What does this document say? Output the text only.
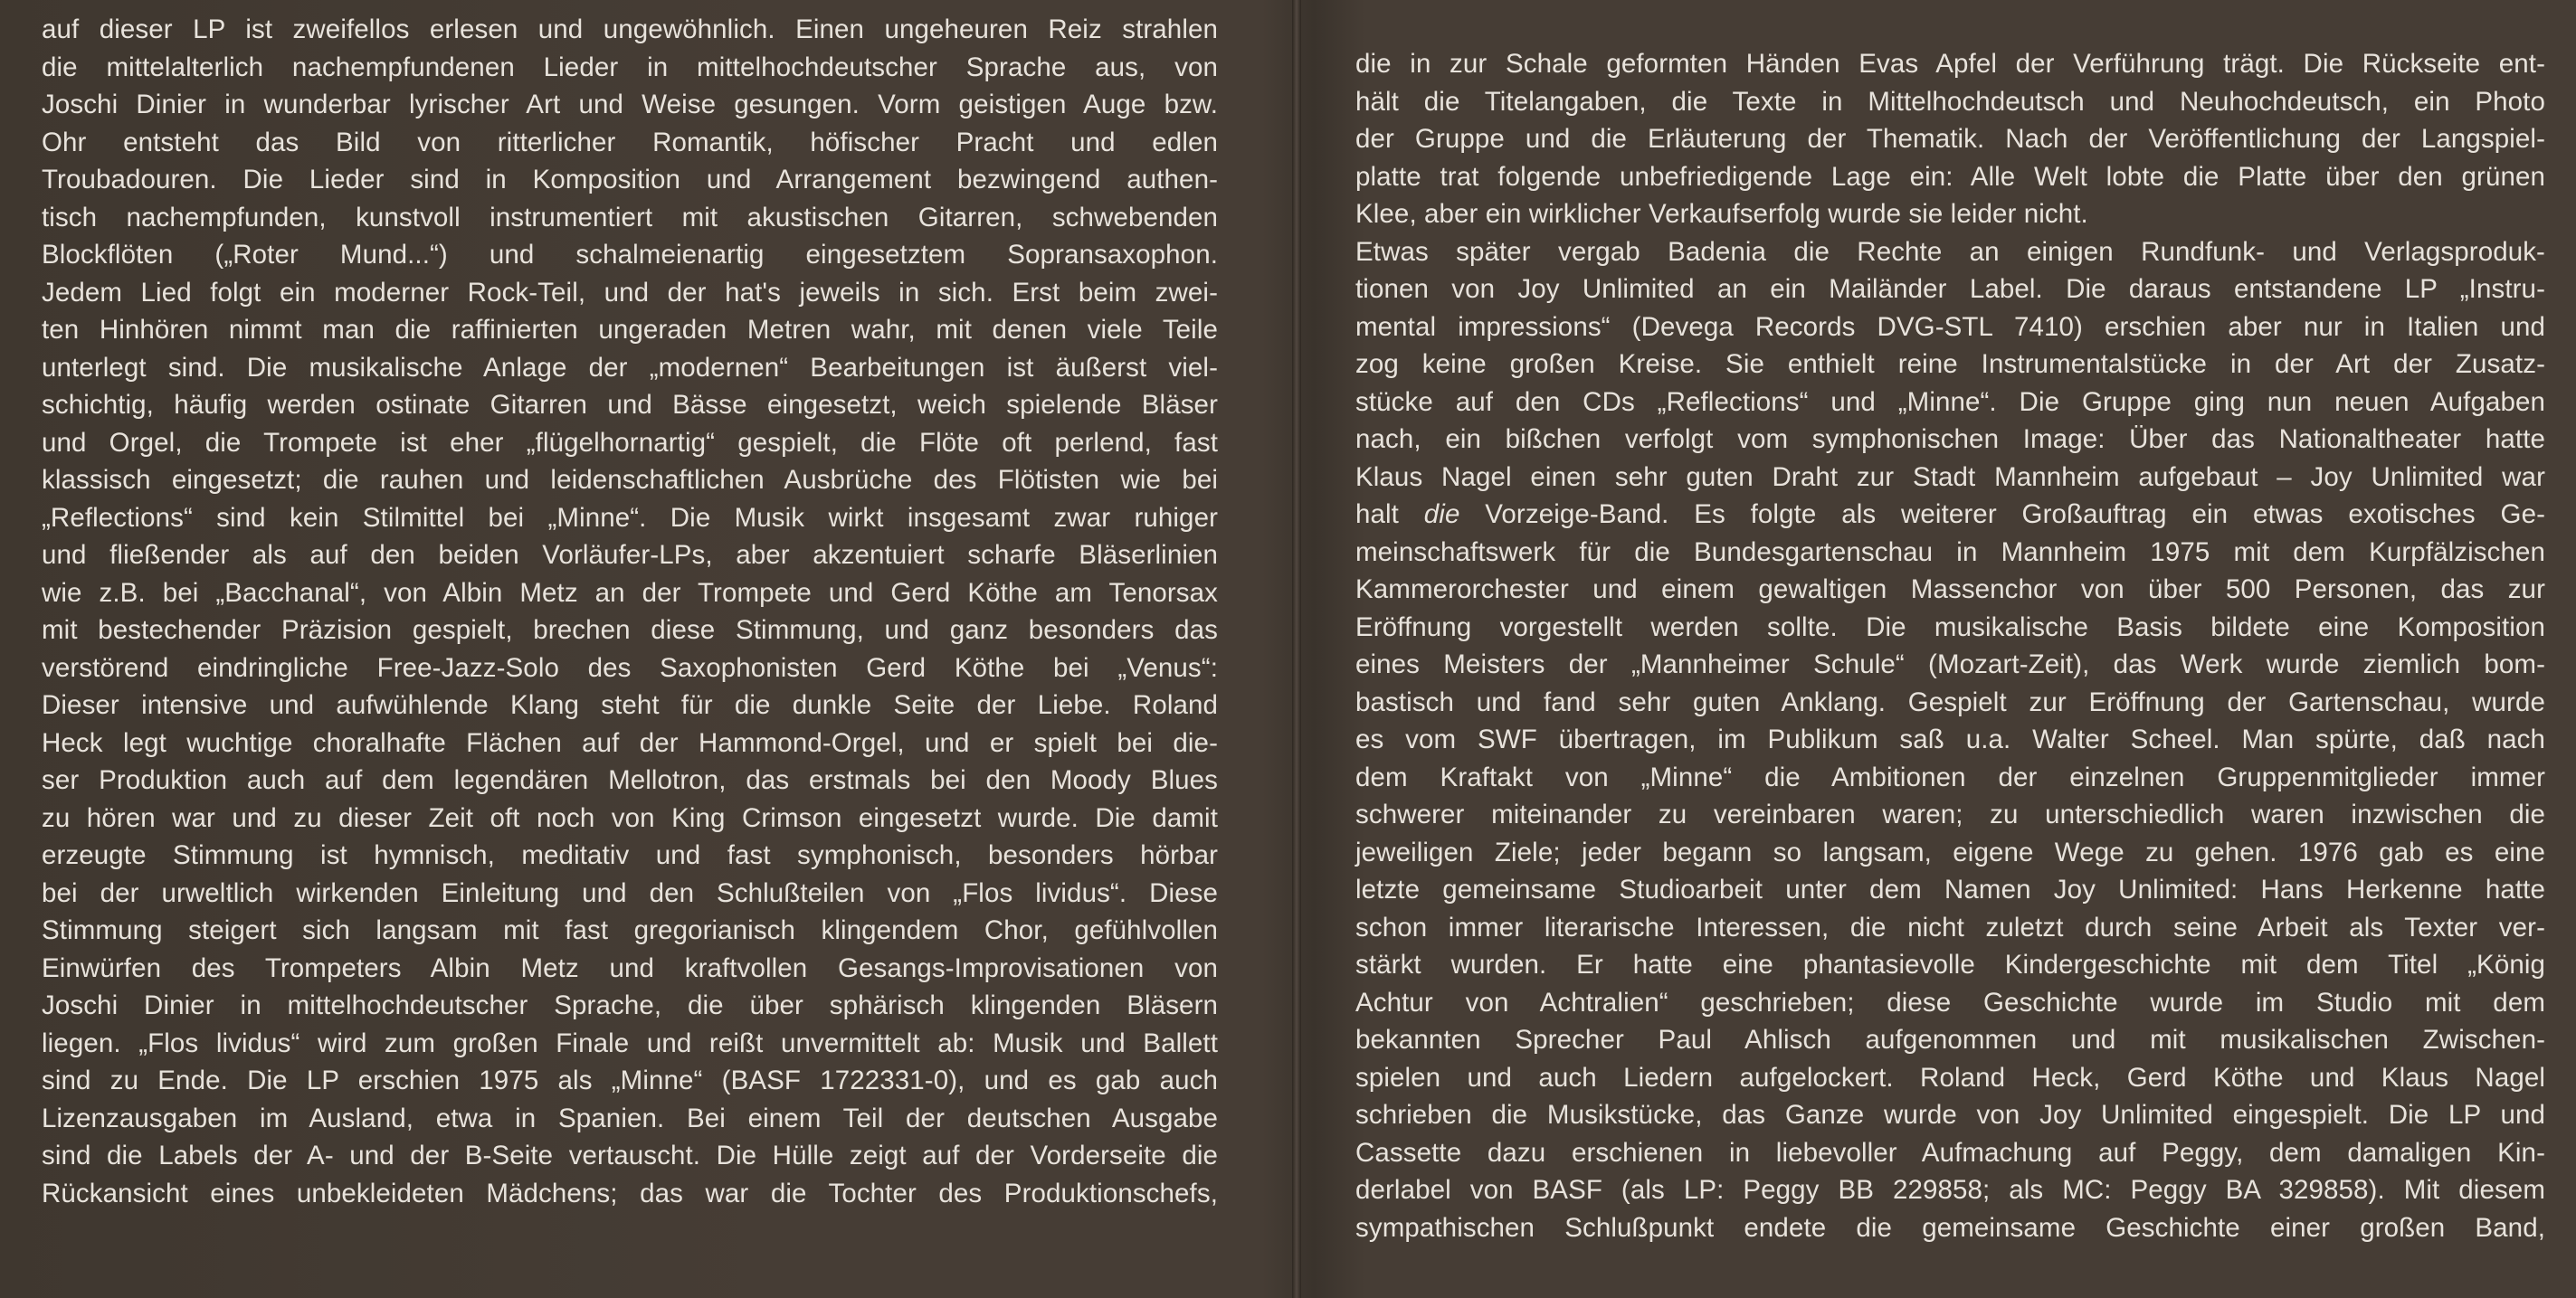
auf dieser LP ist zweifellos erlesen und ungewöhnlich. Einen ungeheuren Reiz strahlen
die mittelalterlich nachempfundenen Lieder in mittelhochdeutscher Sprache aus, von
Joschi Dinier in wunderbar lyrischer Art und Weise gesungen. Vorm geistigen Auge bzw.
Ohr entsteht das Bild von ritterlicher Romantik, höfischer Pracht und edlen
Troubadouren. Die Lieder sind in Komposition und Arrangement bezwingend authen-
tisch nachempfunden, kunstvoll instrumentiert mit akustischen Gitarren, schwebenden
Blockflöten („Roter Mund...“) und schalmeienartig eingesetztem Sopransaxophon.
Jedem Lied folgt ein moderner Rock-Teil, und der hat's jeweils in sich. Erst beim zwei-
ten Hinhören nimmt man die raffinierten ungeraden Metren wahr, mit denen viele Teile
unterlegt sind. Die musikalische Anlage der „modernen“ Bearbeitungen ist äußerst viel-
schichtig, häufig werden ostinate Gitarren und Bässe eingesetzt, weich spielende Bläser
und Orgel, die Trompete ist eher „flügelhornartig“ gespielt, die Flöte oft perlend, fast
klassisch eingesetzt; die rauhen und leidenschaftlichen Ausbrüche des Flötisten wie bei
„Reflections“ sind kein Stilmittel bei „Minne“. Die Musik wirkt insgesamt zwar ruhiger
und fließender als auf den beiden Vorläufer-LPs, aber akzentuiert scharfe Bläserlinien
wie z.B. bei „Bacchanal“, von Albin Metz an der Trompete und Gerd Köthe am Tenorsax
mit bestechender Präzision gespielt, brechen diese Stimmung, und ganz besonders das
verstörend eindringliche Free-Jazz-Solo des Saxophonisten Gerd Köthe bei „Venus“:
Dieser intensive und aufwühlende Klang steht für die dunkle Seite der Liebe. Roland
Heck legt wuchtige choralhafte Flächen auf der Hammond-Orgel, und er spielt bei die-
ser Produktion auch auf dem legendären Mellotron, das erstmals bei den Moody Blues
zu hören war und zu dieser Zeit oft noch von King Crimson eingesetzt wurde. Die damit
erzeugte Stimmung ist hymnisch, meditativ und fast symphonisch, besonders hörbar
bei der urweltlich wirkenden Einleitung und den Schlußteilen von „Flos lividus“. Diese
Stimmung steigert sich langsam mit fast gregorianisch klingendem Chor, gefühlvollen
Einwürfen des Trompeters Albin Metz und kraftvollen Gesangs-Improvisationen von
Joschi Dinier in mittelhochdeutscher Sprache, die über sphärisch klingenden Bläsern
liegen. „Flos lividus“ wird zum großen Finale und reißt unvermittelt ab: Musik und Ballett
sind zu Ende. Die LP erschien 1975 als „Minne“ (BASF 1722331-0), und es gab auch
Lizenzausgaben im Ausland, etwa in Spanien. Bei einem Teil der deutschen Ausgabe
sind die Labels der A- und der B-Seite vertauscht. Die Hülle zeigt auf der Vorderseite die
Rückansicht eines unbekleideten Mädchens; das war die Tochter des Produktionschefs,
die in zur Schale geformten Händen Evas Apfel der Verführung trägt. Die Rückseite ent-
hält die Titelangaben, die Texte in Mittelhochdeutsch und Neuhochdeutsch, ein Photo
der Gruppe und die Erläuterung der Thematik. Nach der Veröffentlichung der Langspiel-
platte trat folgende unbefriedigende Lage ein: Alle Welt lobte die Platte über den grünen
Klee, aber ein wirklicher Verkaufserfolg wurde sie leider nicht.
Etwas später vergab Badenia die Rechte an einigen Rundfunk- und Verlagsproduk-
tionen von Joy Unlimited an ein Mailänder Label. Die daraus entstandene LP „Instru-
mental impressions“ (Devega Records DVG-STL 7410) erschien aber nur in Italien und
zog keine großen Kreise. Sie enthielt reine Instrumentalstücke in der Art der Zusatz-
stücke auf den CDs „Reflections“ und „Minne“. Die Gruppe ging nun neuen Aufgaben
nach, ein bißchen verfolgt vom symphonischen Image: Über das Nationaltheater hatte
Klaus Nagel einen sehr guten Draht zur Stadt Mannheim aufgebaut – Joy Unlimited war
halt die Vorzeige-Band. Es folgte als weiterer Großauftrag ein etwas exotisches Ge-
meinschaftswerk für die Bundesgartenschau in Mannheim 1975 mit dem Kurpfälzischen
Kammerorchester und einem gewaltigen Massenchor von über 500 Personen, das zur
Eröffnung vorgestellt werden sollte. Die musikalische Basis bildete eine Komposition
eines Meisters der „Mannheimer Schule“ (Mozart-Zeit), das Werk wurde ziemlich bom-
bastisch und fand sehr guten Anklang. Gespielt zur Eröffnung der Gartenschau, wurde
es vom SWF übertragen, im Publikum saß u.a. Walter Scheel. Man spürte, daß nach
dem Kraftakt von „Minne“ die Ambitionen der einzelnen Gruppenmitglieder immer
schwerer miteinander zu vereinbaren waren; zu unterschiedlich waren inzwischen die
jeweiligen Ziele; jeder begann so langsam, eigene Wege zu gehen. 1976 gab es eine
letzte gemeinsame Studioarbeit unter dem Namen Joy Unlimited: Hans Herkenne hatte
schon immer literarische Interessen, die nicht zuletzt durch seine Arbeit als Texter ver-
stärkt wurden. Er hatte eine phantasievolle Kindergeschichte mit dem Titel „König
Achtur von Achtralien“ geschrieben; diese Geschichte wurde im Studio mit dem
bekannten Sprecher Paul Ahlisch aufgenommen und mit musikalischen Zwischen-
spielen und auch Liedern aufgelockert. Roland Heck, Gerd Köthe und Klaus Nagel
schrieben die Musikstücke, das Ganze wurde von Joy Unlimited eingespielt. Die LP und
Cassette dazu erschienen in liebevoller Aufmachung auf Peggy, dem damaligen Kin-
derlabel von BASF (als LP: Peggy BB 229858; als MC: Peggy BA 329858). Mit diesem
sympathischen Schlußpunkt endete die gemeinsame Geschichte einer großen Band,
